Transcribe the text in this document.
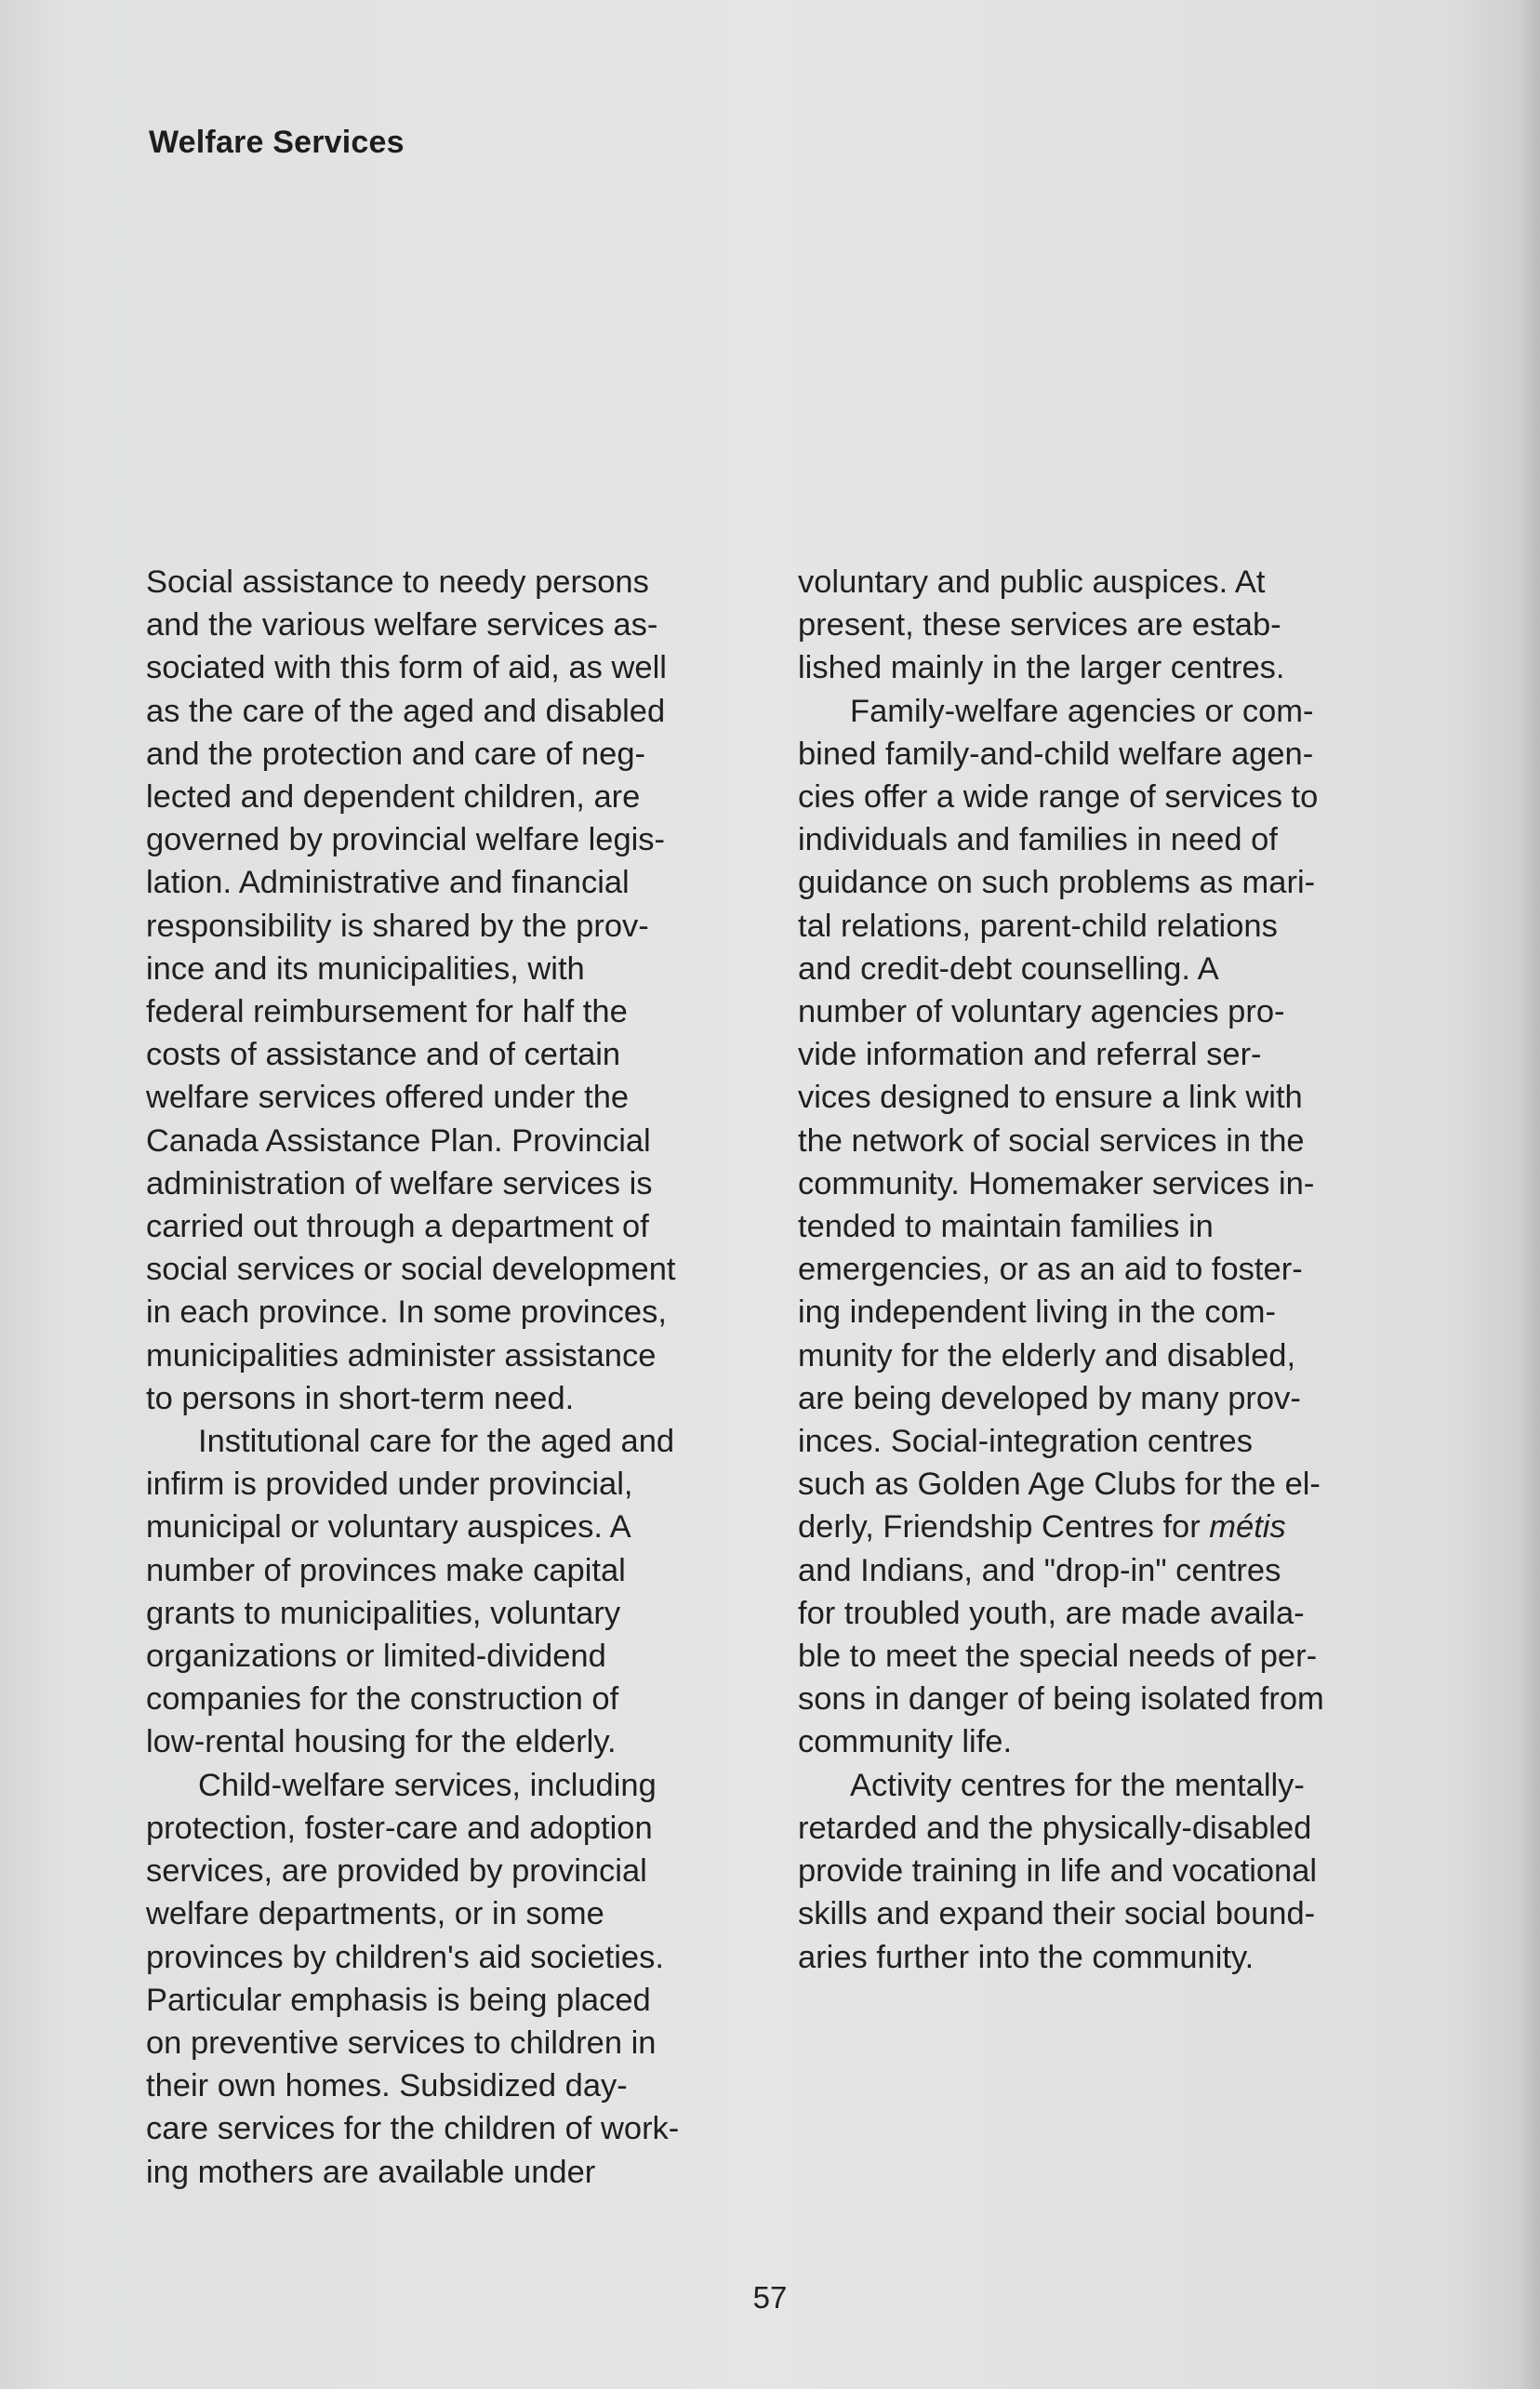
Welfare Services
Social assistance to needy persons
and the various welfare services as-
sociated with this form of aid, as well
as the care of the aged and disabled
and the protection and care of neg-
lected and dependent children, are
governed by provincial welfare legis-
lation. Administrative and financial
responsibility is shared by the prov-
ince and its municipalities, with
federal reimbursement for half the
costs of assistance and of certain
welfare services offered under the
Canada Assistance Plan. Provincial
administration of welfare services is
carried out through a department of
social services or social development
in each province. In some provinces,
municipalities administer assistance
to persons in short-term need.
Institutional care for the aged and
infirm is provided under provincial,
municipal or voluntary auspices. A
number of provinces make capital
grants to municipalities, voluntary
organizations or limited-dividend
companies for the construction of
low-rental housing for the elderly.
Child-welfare services, including
protection, foster-care and adoption
services, are provided by provincial
welfare departments, or in some
provinces by children's aid societies.
Particular emphasis is being placed
on preventive services to children in
their own homes. Subsidized day-
care services for the children of work-
ing mothers are available under
voluntary and public auspices. At
present, these services are estab-
lished mainly in the larger centres.
Family-welfare agencies or com-
bined family-and-child welfare agen-
cies offer a wide range of services to
individuals and families in need of
guidance on such problems as mari-
tal relations, parent-child relations
and credit-debt counselling. A
number of voluntary agencies pro-
vide information and referral ser-
vices designed to ensure a link with
the network of social services in the
community. Homemaker services in-
tended to maintain families in
emergencies, or as an aid to foster-
ing independent living in the com-
munity for the elderly and disabled,
are being developed by many prov-
inces. Social-integration centres
such as Golden Age Clubs for the el-
derly, Friendship Centres for métis
and Indians, and "drop-in" centres
for troubled youth, are made availa-
ble to meet the special needs of per-
sons in danger of being isolated from
community life.
Activity centres for the mentally-
retarded and the physically-disabled
provide training in life and vocational
skills and expand their social bound-
aries further into the community.
57
